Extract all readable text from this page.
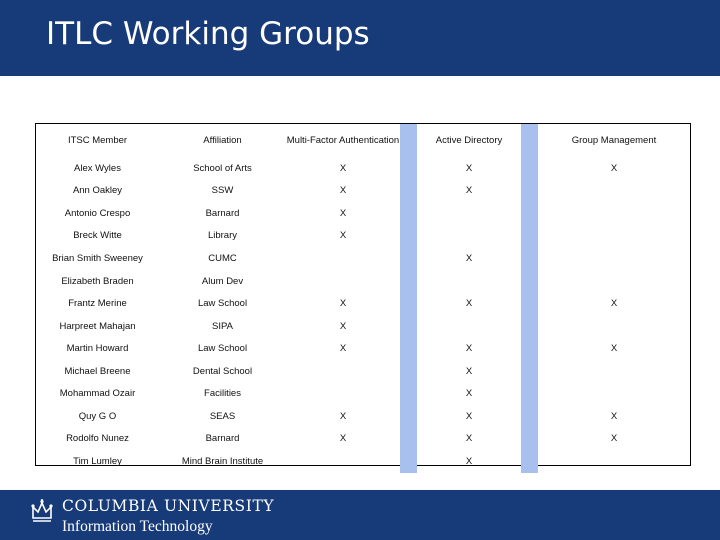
ITLC Working Groups
ITSC Member	Affiliation	Multi-Factor Authentication		Active Directory		Group Management
Alex Wyles	School of Arts	X		X		X
Ann Oakley	SSW	X		X		
Antonio Crespo	Barnard	X				
Breck Witte	Library	X				
Brian Smith Sweeney	CUMC			X		
Elizabeth Braden	Alum Dev					
Frantz Merine	Law School	X		X		X
Harpreet Mahajan	SIPA	X				
Martin Howard	Law School	X		X		X
Michael Breene	Dental School			X		
Mohammad Ozair	Facilities			X		
Quy G O	SEAS	X		X		X
Rodolfo Nunez	Barnard	X		X		X
Tim Lumley	Mind Brain Institute			X		
COLUMBIA UNIVERSITY
Information Technology
